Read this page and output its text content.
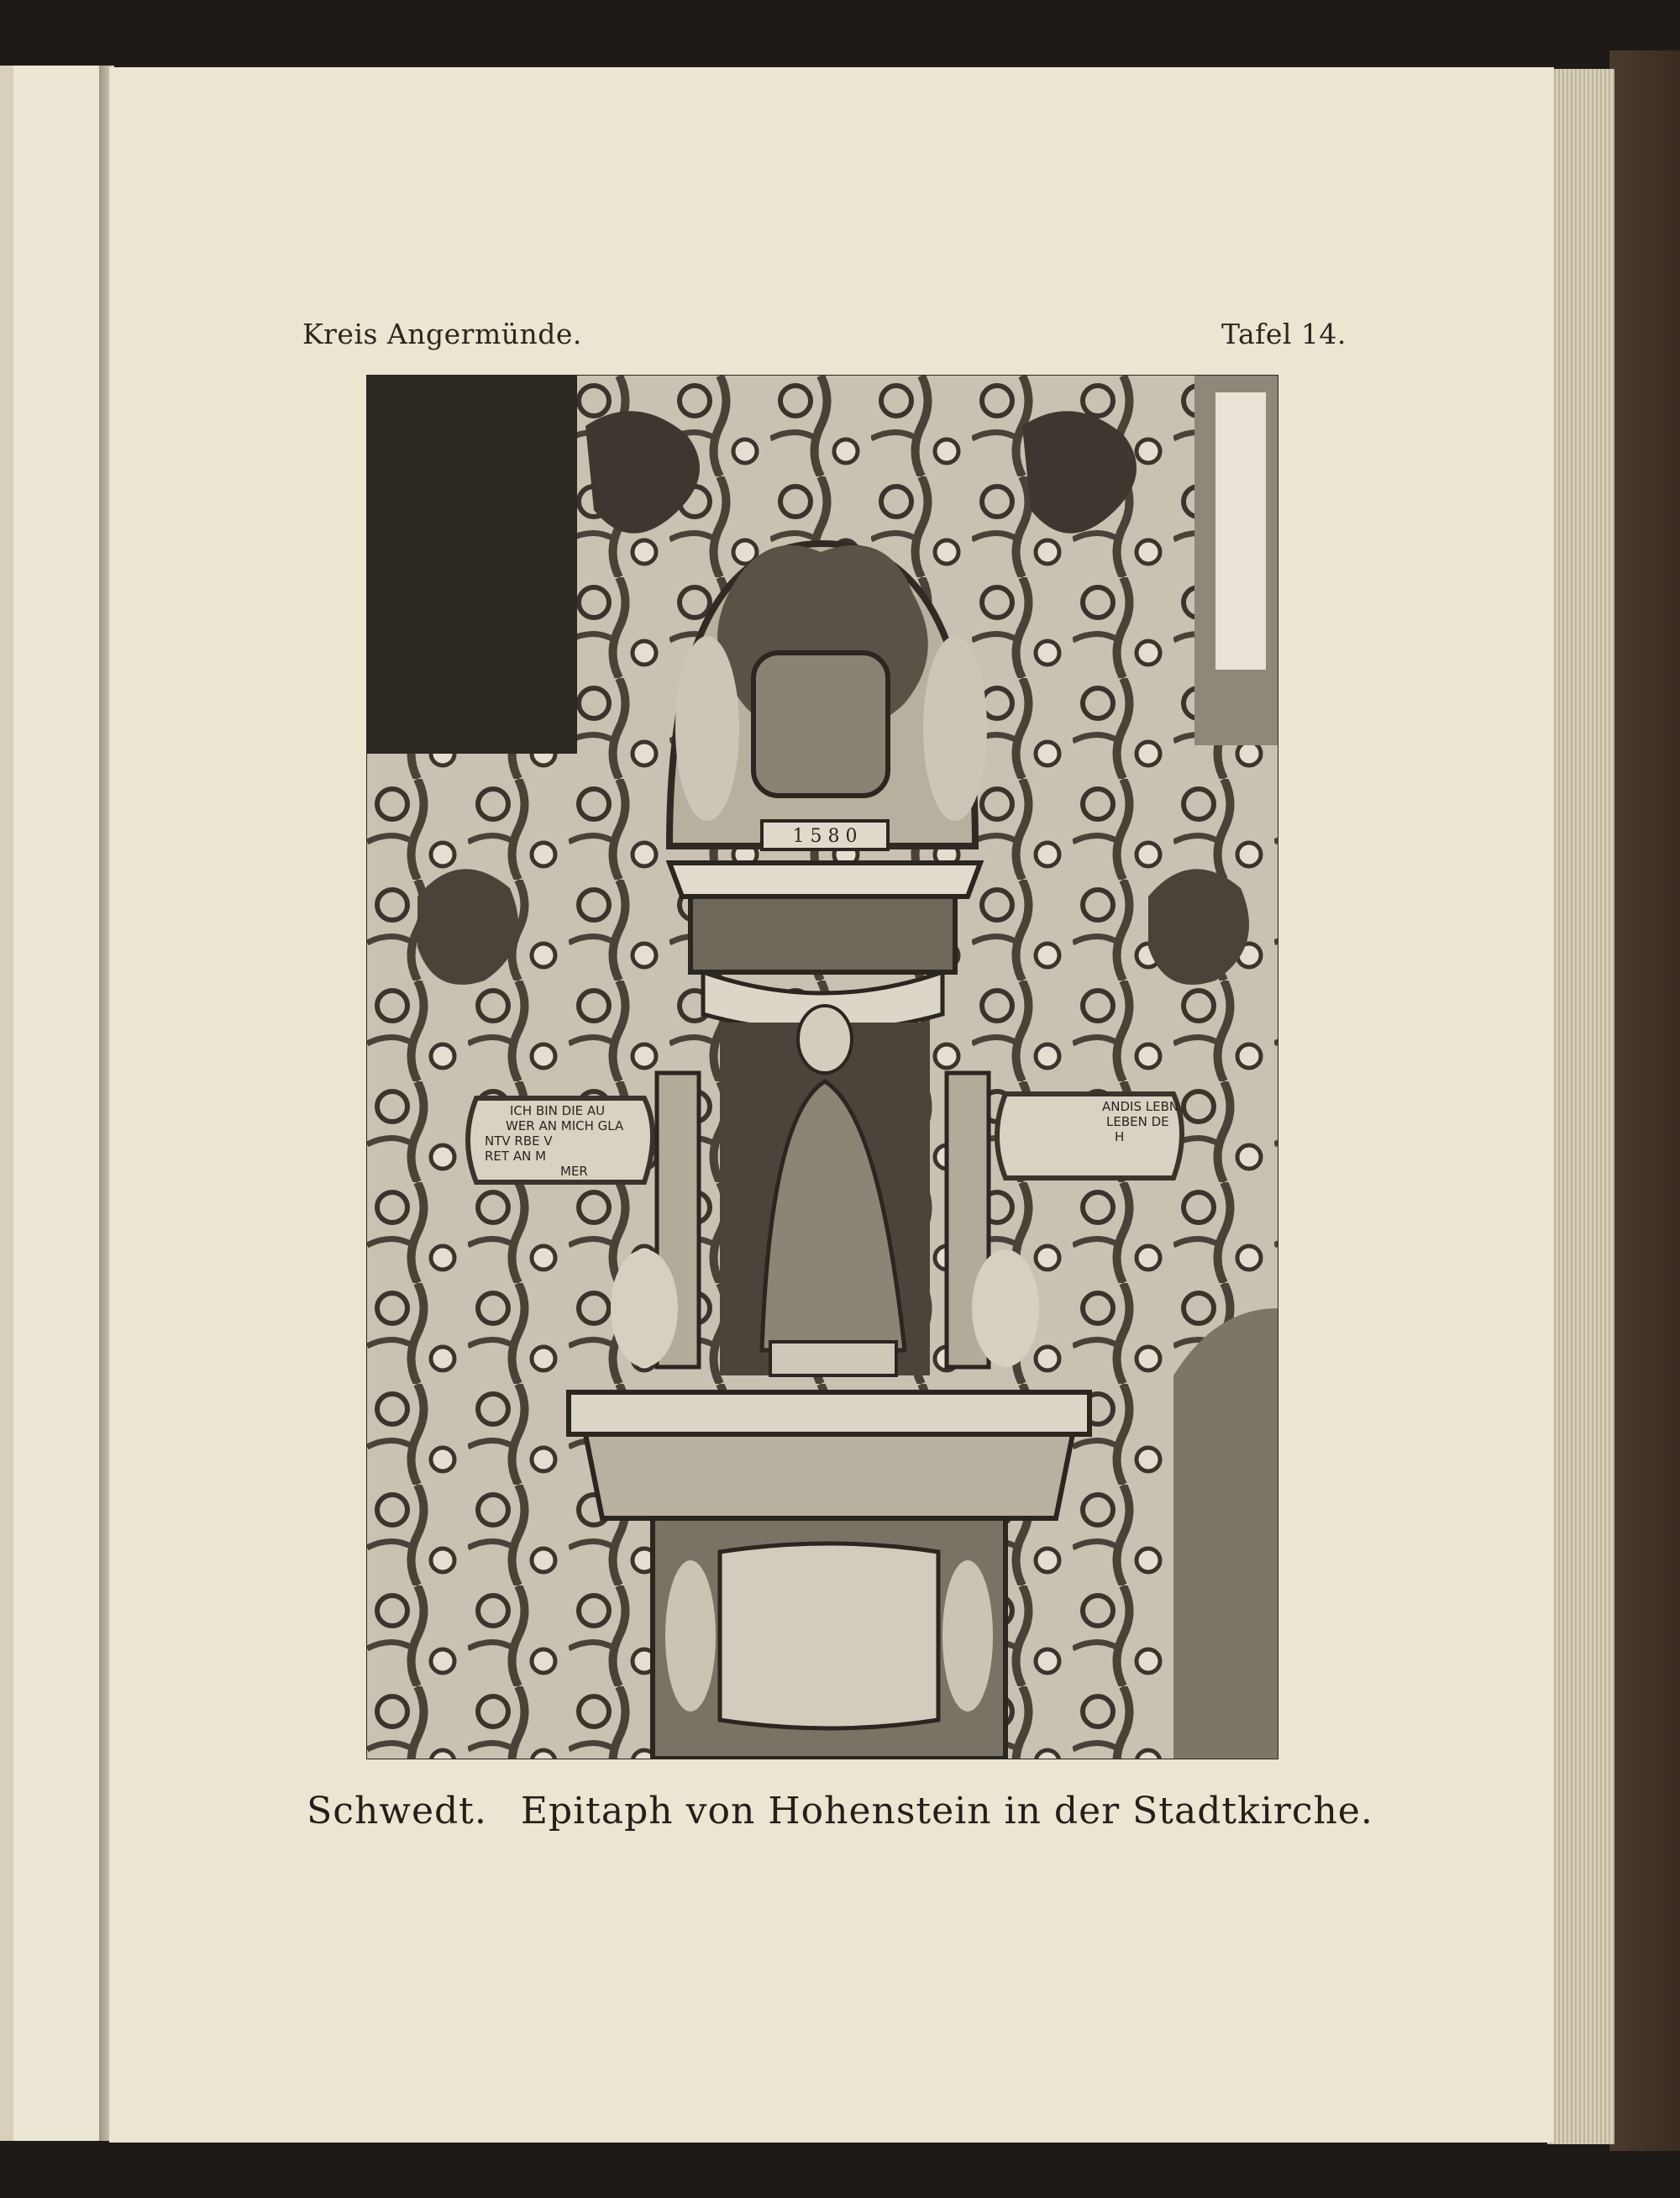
Kreis Angermünde.	Tafel 14.
ICH BIN DIE AU
WER AN MICH GLA
NTV RBE V
RET AN M
MER
ANDIS LEBN
LEBEN DE
H
1 5 8 0
Schwedt. Epitaph von Hohenstein in der Stadtkirche.
